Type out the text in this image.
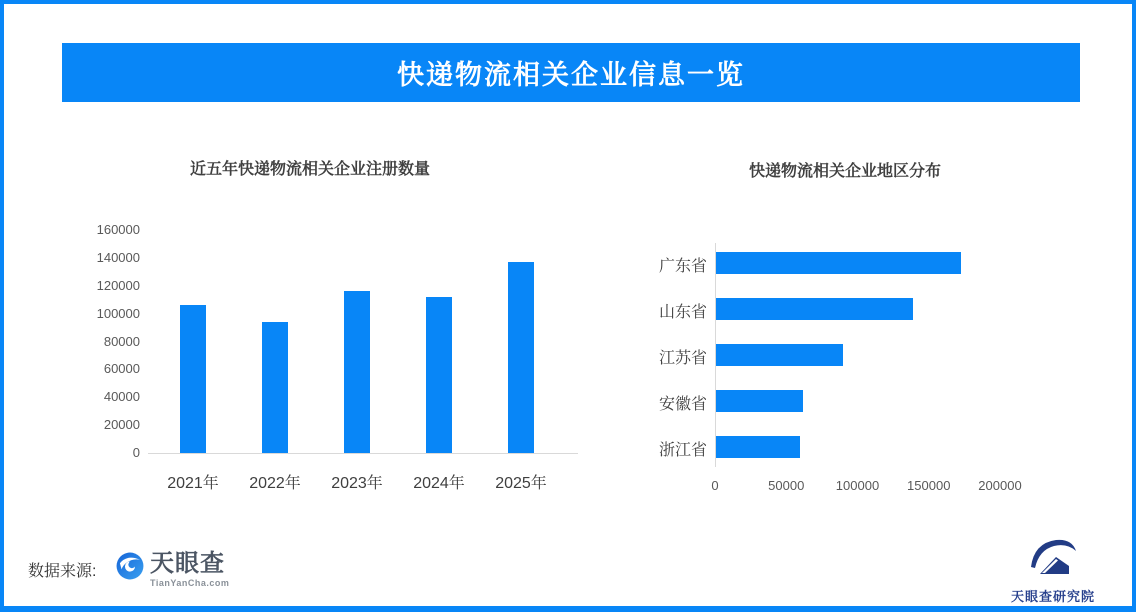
快递物流相关企业信息一览
近五年快递物流相关企业注册数量	快递物流相关企业地区分布
数据来源: 天眼查
TianYanCha.com
天眼查研究院
0
20000
40000
60000
80000
100000
120000
140000
160000
2021年	2022年	2023年	2024年	2025年
广东省
山东省
江苏省
安徽省
浙江省
0	50000	100000	150000	200000
